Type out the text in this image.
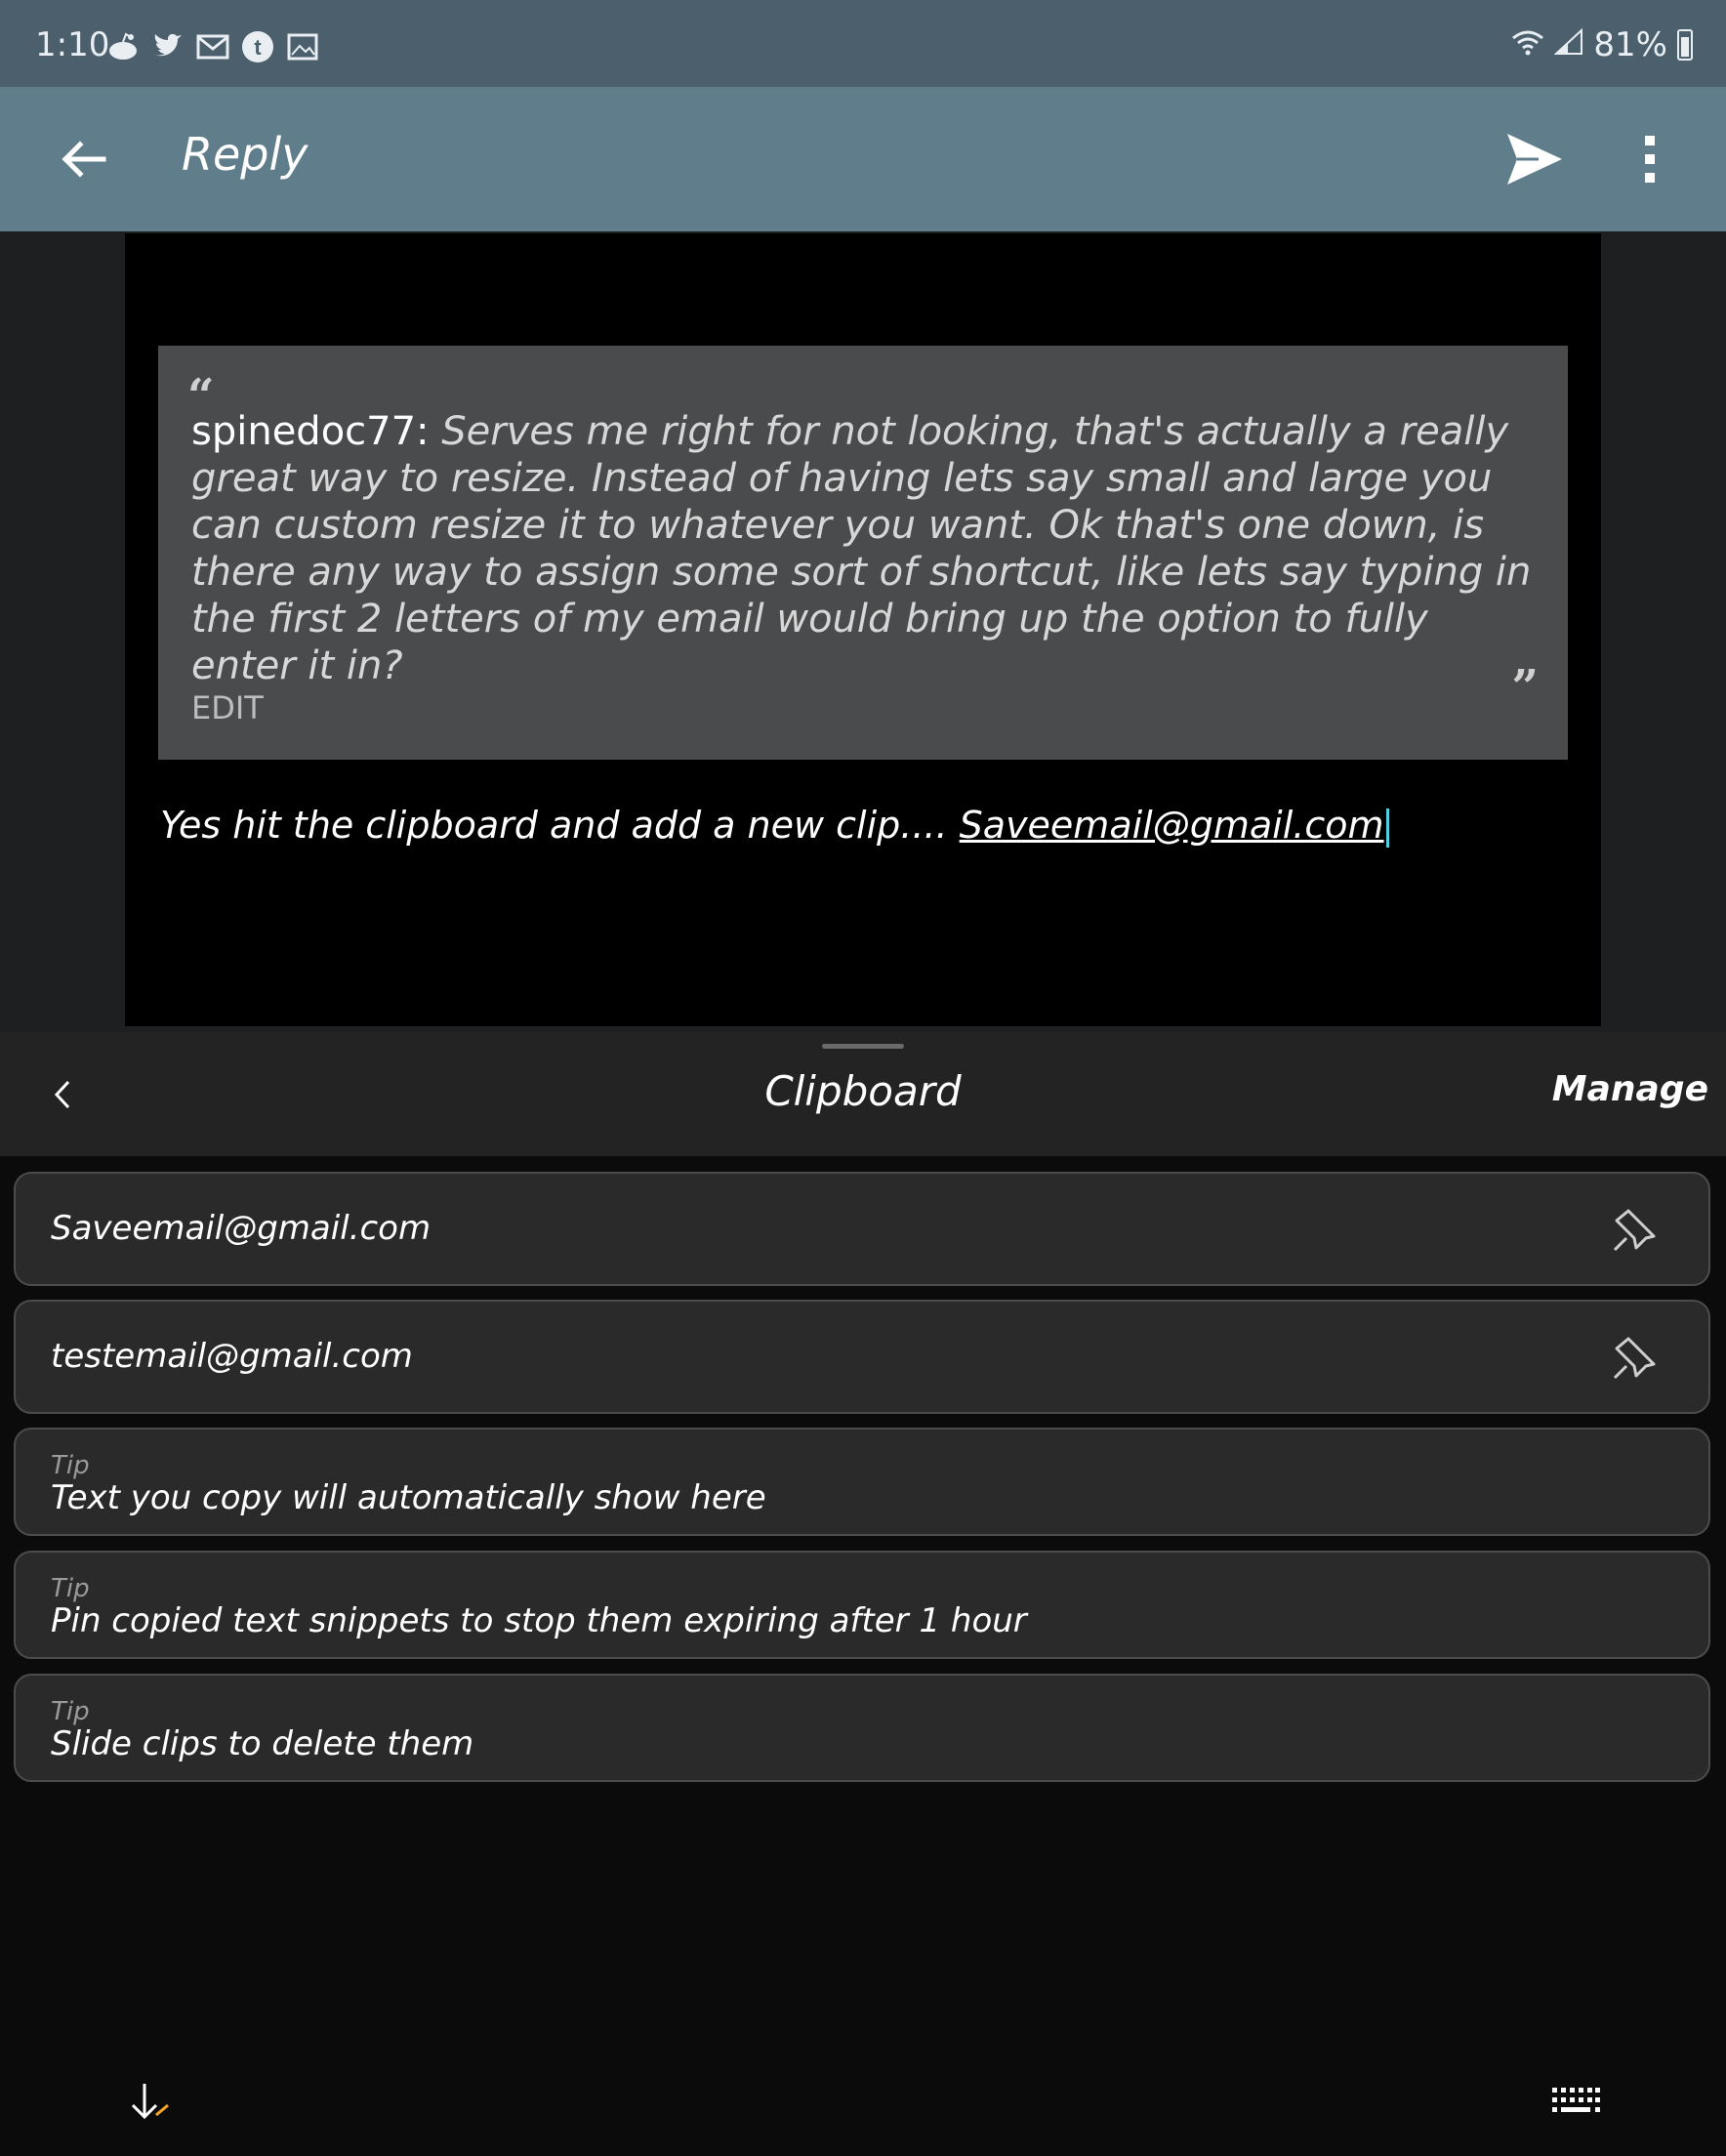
1:10	t	81%
Reply
“
spinedoc77: Serves me right for not looking, that's actually a really great way to resize. Instead of having lets say small and large you can custom resize it to whatever you want. Ok that's one down, is there any way to assign some sort of shortcut, like lets say typing in the first 2 letters of my email would bring up the option to fully enter it in?	”
EDIT
Yes hit the clipboard and add a new clip.... Saveemail@gmail.com
Clipboard	Manage
Saveemail@gmail.com
testemail@gmail.com
Tip
Text you copy will automatically show here
Tip
Pin copied text snippets to stop them expiring after 1 hour
Tip
Slide clips to delete them
